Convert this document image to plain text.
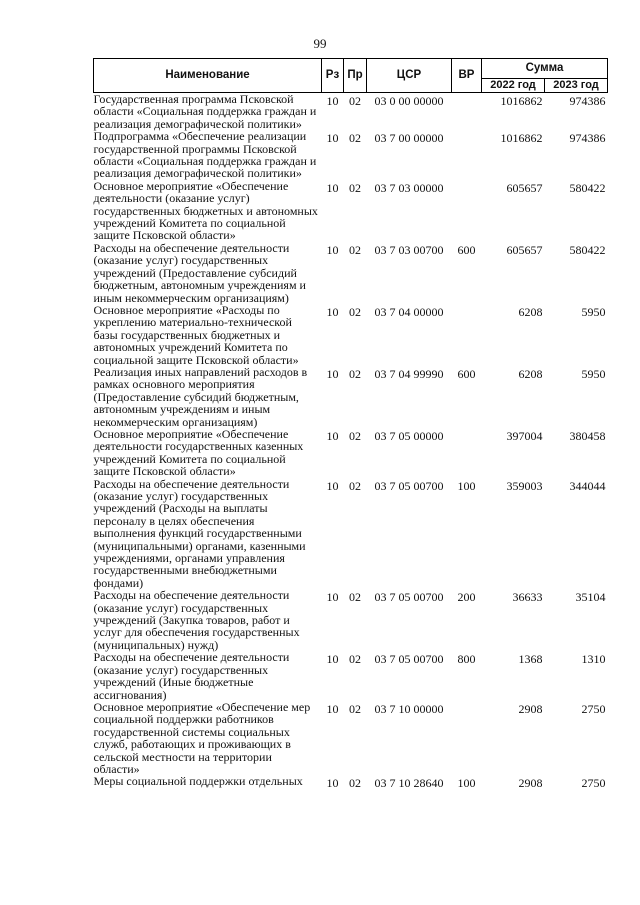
99
Наименование	Рз	Пр	ЦСР	ВР	Сумма	
					2022 год	2023 год
Государственная программа Псковской области «Социальная поддержка граждан и реализация демографической политики»	10	02	03 0 00 00000		1016862	974386
Подпрограмма «Обеспечение реализации государственной программы Псковской области «Социальная поддержка граждан и реализация демографической политики»	10	02	03 7 00 00000		1016862	974386
Основное мероприятие «Обеспечение деятельности (оказание услуг) государственных бюджетных и автономных учреждений Комитета по социальной защите Псковской области»	10	02	03 7 03 00000		605657	580422
Расходы на обеспечение деятельности (оказание услуг) государственных учреждений (Предоставление субсидий бюджетным, автономным учреждениям и иным некоммерческим организациям)	10	02	03 7 03 00700	600	605657	580422
Основное мероприятие «Расходы по укреплению материально-технической базы государственных бюджетных и автономных учреждений Комитета по социальной защите Псковской области»	10	02	03 7 04 00000		6208	5950
Реализация иных направлений расходов в рамках основного мероприятия (Предоставление субсидий бюджетным, автономным учреждениям и иным некоммерческим организациям)	10	02	03 7 04 99990	600	6208	5950
Основное мероприятие «Обеспечение деятельности государственных казенных учреждений Комитета по социальной защите Псковской области»	10	02	03 7 05 00000		397004	380458
Расходы на обеспечение деятельности (оказание услуг) государственных учреждений (Расходы на выплаты персоналу в целях обеспечения выполнения функций государственными (муниципальными) органами, казенными учреждениями, органами управления государственными внебюджетными фондами)	10	02	03 7 05 00700	100	359003	344044
Расходы на обеспечение деятельности (оказание услуг) государственных учреждений (Закупка товаров, работ и услуг для обеспечения государственных (муниципальных) нужд)	10	02	03 7 05 00700	200	36633	35104
Расходы на обеспечение деятельности (оказание услуг) государственных учреждений (Иные бюджетные ассигнования)	10	02	03 7 05 00700	800	1368	1310
Основное мероприятие «Обеспечение мер социальной поддержки работников государственной системы социальных служб, работающих и проживающих в сельской местности на территории области»	10	02	03 7 10 00000		2908	2750
Меры социальной поддержки отдельных	10	02	03 7 10 28640	100	2908	2750
